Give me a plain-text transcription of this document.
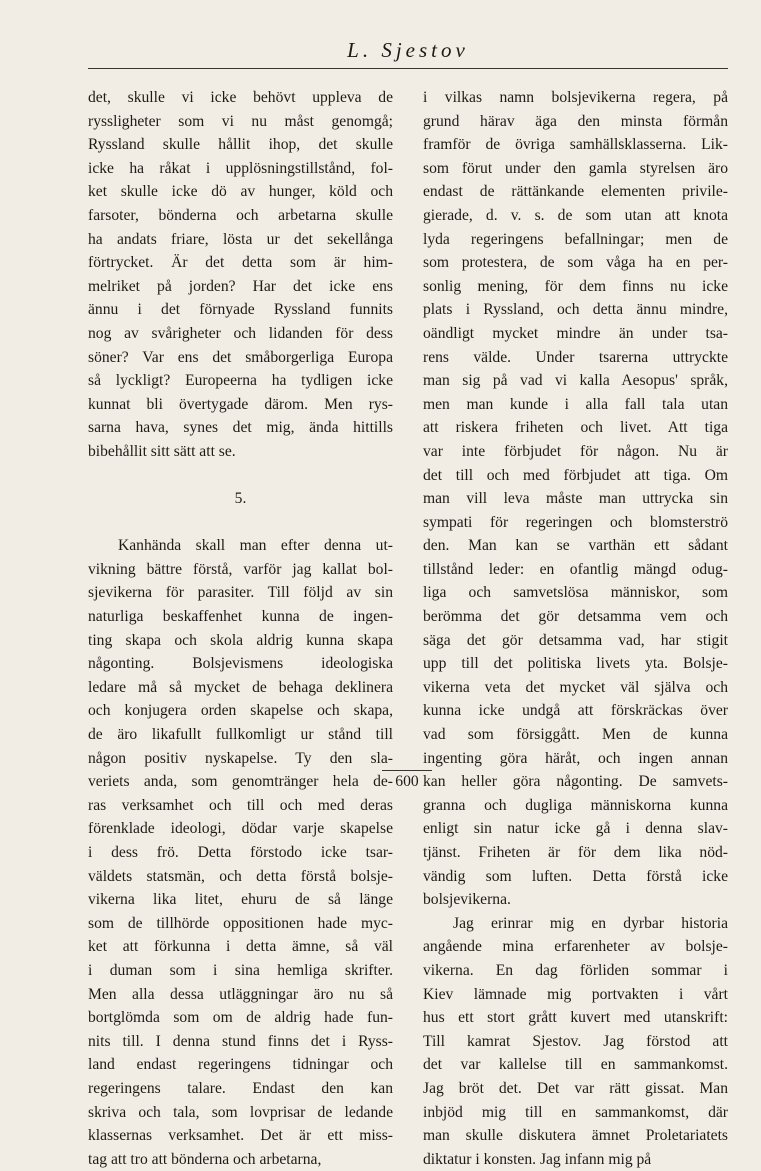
L. Sjestov
det, skulle vi icke behövt uppleva de
ryssligheter som vi nu måst genomgå;
Ryssland skulle hållit ihop, det skulle
icke ha råkat i upplösningstillstånd, fol-
ket skulle icke dö av hunger, köld och
farsoter, bönderna och arbetarna skulle
ha andats friare, lösta ur det sekellånga
förtrycket. Är det detta som är him-
melriket på jorden? Har det icke ens
ännu i det förnyade Ryssland funnits
nog av svårigheter och lidanden för dess
söner? Var ens det småborgerliga Europa
så lyckligt? Europeerna ha tydligen icke
kunnat bli övertygade därom. Men rys-
sarna hava, synes det mig, ända hittills
bibehållit sitt sätt att se.
5.
Kanhända skall man efter denna ut-
vikning bättre förstå, varför jag kallat bol-
sjevikerna för parasiter. Till följd av sin
naturliga beskaffenhet kunna de ingen-
ting skapa och skola aldrig kunna skapa
någonting. Bolsjevismens ideologiska
ledare må så mycket de behaga deklinera
och konjugera orden skapelse och skapa,
de äro likafullt fullkomligt ur stånd till
någon positiv nyskapelse. Ty den sla-
veriets anda, som genomtränger hela de-
ras verksamhet och till och med deras
förenklade ideologi, dödar varje skapelse
i dess frö. Detta förstodo icke tsar-
väldets statsmän, och detta förstå bolsje-
vikerna lika litet, ehuru de så länge
som de tillhörde oppositionen hade myc-
ket att förkunna i detta ämne, så väl
i duman som i sina hemliga skrifter.
Men alla dessa utläggningar äro nu så
bortglömda som om de aldrig hade fun-
nits till. I denna stund finns det i Ryss-
land endast regeringens tidningar och
regeringens talare. Endast den kan
skriva och tala, som lovprisar de ledande
klassernas verksamhet. Det är ett miss-
tag att tro att bönderna och arbetarna,
i vilkas namn bolsjevikerna regera, på
grund härav äga den minsta förmån
framför de övriga samhällsklasserna. Lik-
som förut under den gamla styrelsen äro
endast de rättänkande elementen privile-
gierade, d. v. s. de som utan att knota
lyda regeringens befallningar; men de
som protestera, de som våga ha en per-
sonlig mening, för dem finns nu icke
plats i Ryssland, och detta ännu mindre,
oändligt mycket mindre än under tsa-
rens välde. Under tsarerna uttryckte
man sig på vad vi kalla Aesopus' språk,
men man kunde i alla fall tala utan
att riskera friheten och livet. Att tiga
var inte förbjudet för någon. Nu är
det till och med förbjudet att tiga. Om
man vill leva måste man uttrycka sin
sympati för regeringen och blomsterströ
den. Man kan se varthän ett sådant
tillstånd leder: en ofantlig mängd odug-
liga och samvetslösa människor, som
berömma det gör detsamma vem och
säga det gör detsamma vad, har stigit
upp till det politiska livets yta. Bolsje-
vikerna veta det mycket väl själva och
kunna icke undgå att förskräckas över
vad som försiggått. Men de kunna
ingenting göra häråt, och ingen annan
kan heller göra någonting. De samvets-
granna och dugliga människorna kunna
enligt sin natur icke gå i denna slav-
tjänst. Friheten är för dem lika nöd-
vändig som luften. Detta förstå icke
bolsjevikerna.
Jag erinrar mig en dyrbar historia
angående mina erfarenheter av bolsje-
vikerna. En dag förliden sommar i
Kiev lämnade mig portvakten i vårt
hus ett stort grått kuvert med utanskrift:
Till kamrat Sjestov. Jag förstod att
det var kallelse till en sammankomst.
Jag bröt det. Det var rätt gissat. Man
inbjöd mig till en sammankomst, där
man skulle diskutera ämnet Proletariatets
diktatur i konsten. Jag infann mig på
600
